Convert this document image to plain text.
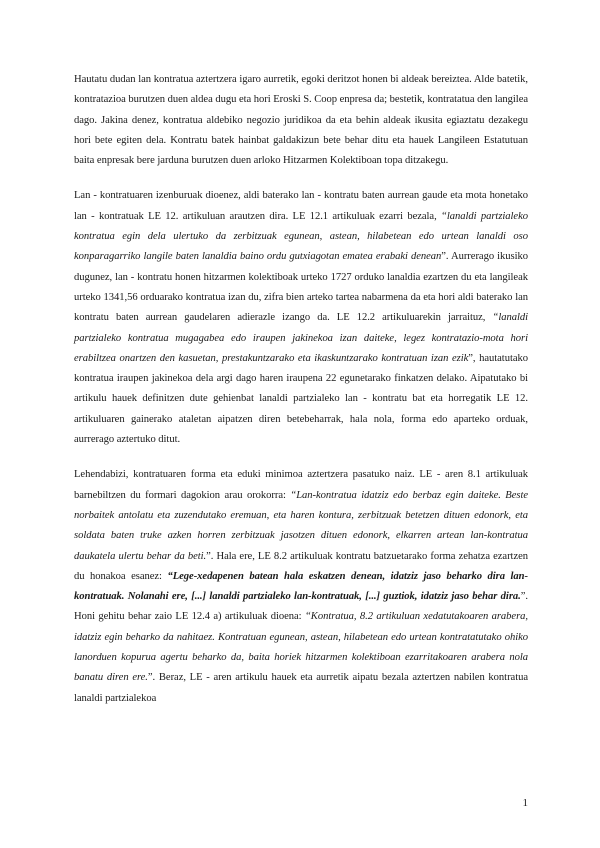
Hautatu dudan lan kontratua aztertzera igaro aurretik, egoki deritzot honen bi aldeak bereiztea. Alde batetik, kontratazioa burutzen duen aldea dugu eta hori Eroski S. Coop enpresa da; bestetik, kontratatua den langilea dago. Jakina denez, kontratua aldebiko negozio juridikoa da eta behin aldeak ikusita egiaztatu dezakegu hori bete egiten dela. Kontratu batek hainbat galdakizun bete behar ditu eta hauek Langileen Estatutuan baita enpresak bere jarduna burutzen duen arloko Hitzarmen Kolektiboan topa ditzakegu.

Lan - kontratuaren izenburuak dioenez, aldi baterako lan - kontratu baten aurrean gaude eta mota honetako lan - kontratuak LE 12. artikuluan arautzen dira. LE 12.1 artikuluak ezarri bezala, “lanaldi partzialeko kontratua egin dela ulertuko da zerbitzuak egunean, astean, hilabetean edo urtean lanaldi oso konparagarriko langile baten lanaldia baino ordu gutxiagotan ematea erabaki denean”. Aurrerago ikusiko dugunez, lan - kontratu honen hitzarmen kolektiboak urteko 1727 orduko lanaldia ezartzen du eta langileak urteko 1341,56 orduarako kontratua izan du, zifra bien arteko tartea nabarmena da eta hori aldi baterako lan kontratu baten aurrean gaudelaren adierazle izango da. LE 12.2 artikuluarekin jarraituz, “lanaldi partzialeko kontratua mugagabea edo iraupen jakinekoa izan daiteke, legez kontratazio-mota hori erabiltzea onartzen den kasuetan, prestakuntzarako eta ikaskuntzarako kontratuan izan ezik”, hautatutako kontratua iraupen jakinekoa dela argi dago haren iraupena 22 egunetarako finkatzen delako. Aipatutako bi artikulu hauek definitzen dute gehienbat lanaldi partzialeko lan - kontratu bat eta horregatik LE 12. artikuluaren gainerako ataletan aipatzen diren betebeharrak, hala nola, forma edo aparteko orduak, aurrerago aztertuko ditut.

Lehendabizi, kontratuaren forma eta eduki minimoa aztertzera pasatuko naiz. LE - aren 8.1 artikuluak barnebiltzen du formari dagokion arau orokorra: “Lan-kontratua idatziz edo berbaz egin daiteke. Beste norbaitek antolatu eta zuzendutako eremuan, eta haren kontura, zerbitzuak betetzen dituen edonork, eta soldata baten truke azken horren zerbitzuak jasotzen dituen edonork, elkarren artean lan-kontratua daukatela ulertu behar da beti.”. Hala ere, LE 8.2 artikuluak kontratu batzuetarako forma zehatza ezartzen du honakoa esanez: “Lege-xedapenen batean hala eskatzen denean, idatziz jaso beharko dira lan-kontratuak. Nolanahi ere, [...] lanaldi partzialeko lan-kontratuak, [...] guztiok, idatziz jaso behar dira.”. Honi gehitu behar zaio LE 12.4 a) artikuluak dioena: “Kontratua, 8.2 artikuluan xedatutakoaren arabera, idatziz egin beharko da nahitaez. Kontratuan egunean, astean, hilabetean edo urtean kontratatutako ohiko lanorduen kopurua agertu beharko da, baita horiek hitzarmen kolektiboan ezarritakoaren arabera nola banatu diren ere.”. Beraz, LE - aren artikulu hauek eta aurretik aipatu bezala aztertzen nabilen kontratua lanaldi partzialekoa

1
